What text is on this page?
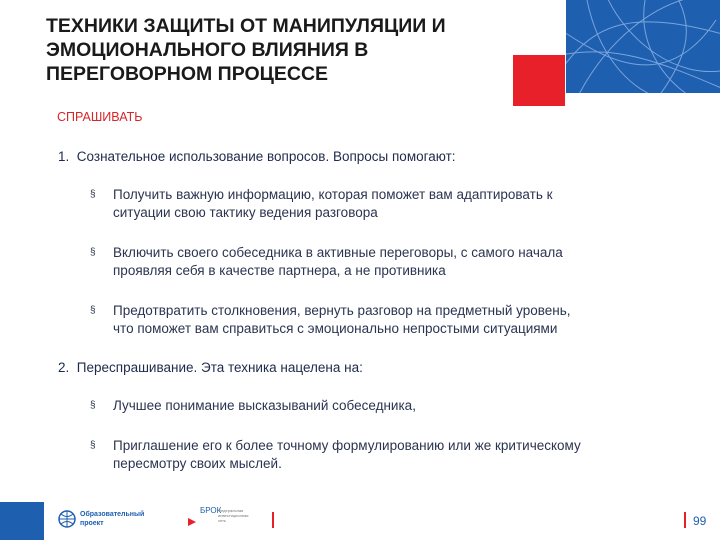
ТЕХНИКИ ЗАЩИТЫ ОТ МАНИПУЛЯЦИИ И
ЭМОЦИОНАЛЬНОГО ВЛИЯНИЯ В
ПЕРЕГОВОРНОМ ПРОЦЕССЕ

СПРАШИВАТЬ

1. Сознательное использование вопросов. Вопросы помогают:

§ Получить важную информацию, которая поможет вам адаптировать к
ситуации свою тактику ведения разговора
§ Включить своего собеседника в активные переговоры, с самого начала
проявляя себя в качестве партнера, а не противника
§ Предотвратить столкновения, вернуть разговор на предметный уровень,
что поможет вам справиться с эмоционально непростыми ситуациями

2. Переспрашивание. Эта техника нацелена на:

§ Лучшее понимание высказываний собеседника,
§ Приглашение его к более точному формулированию или же критическому
пересмотру своих мыслей.
Образовательный
проект
БРОК
Федеральная
инвестиционная
сеть	99
